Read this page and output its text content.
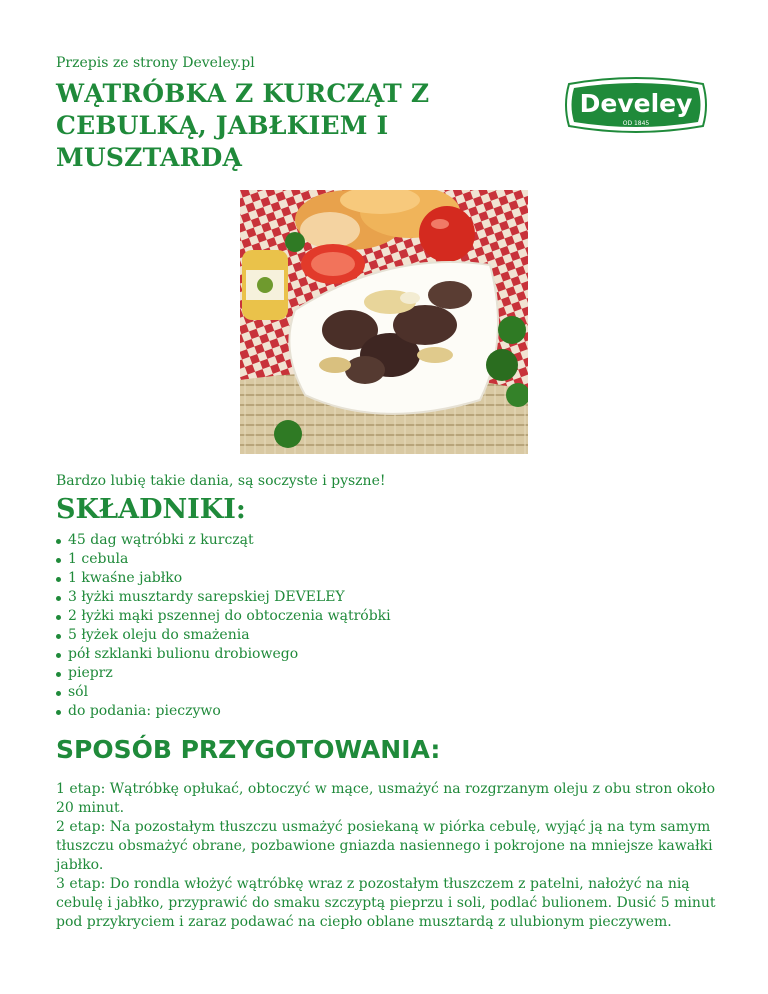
Przepis ze strony Develey.pl

WĄTRÓBKA Z KURCZĄT Z CEBULKĄ, JABŁKIEM I MUSZTARDĄ
Develey
OD 1845

Bardzo lubię takie dania, są soczyste i pyszne!

SKŁADNIKI:
45 dag wątróbki z kurcząt
1 cebula
1 kwaśne jabłko
3 łyżki musztardy sarepskiej DEVELEY
2 łyżki mąki pszennej do obtoczenia wątróbki
5 łyżek oleju do smażenia
pół szklanki bulionu drobiowego
pieprz
sól
do podania: pieczywo
SPOSÓB PRZYGOTOWANIA:

1 etap: Wątróbkę opłukać, obtoczyć w mące, usmażyć na rozgrzanym oleju z obu stron około 20 minut.

2 etap: Na pozostałym tłuszczu usmażyć posiekaną w piórka cebulę, wyjąć ją na tym samym tłuszczu obsmażyć obrane, pozbawione gniazda nasiennego i pokrojone na mniejsze kawałki jabłko.

3 etap: Do rondla włożyć wątróbkę wraz z pozostałym tłuszczem z patelni, nałożyć na nią cebulę i jabłko, przyprawić do smaku szczyptą pieprzu i soli, podlać bulionem. Dusić 5 minut pod przykryciem i zaraz podawać na ciepło oblane musztardą z ulubionym pieczywem.
